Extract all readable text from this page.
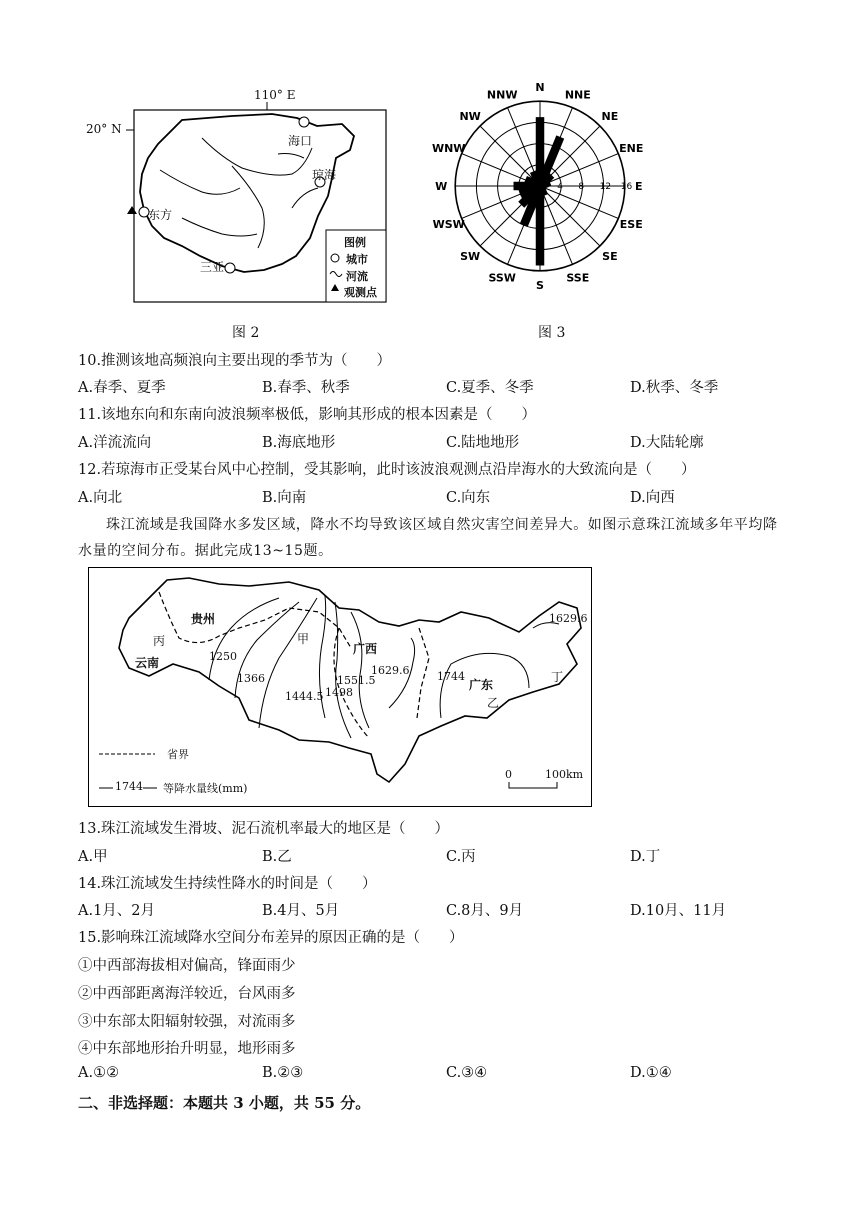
110° E
20° N
海口
琼海
东方
三亚
图例
城市
河流
观测点
图 2
4 8 12 16
N
NNE
NE
ENE
E
ESE
SE
SSE
S
SSW
SW
WSW
W
WNW
NW
NNW
图 3
10.推测该地高频浪向主要出现的季节为（　　）
A.春季、夏季	B.春季、秋季	C.夏季、冬季	D.秋季、冬季
11.该地东向和东南向波浪频率极低，影响其形成的根本因素是（　　）
A.洋流流向	B.海底地形	C.陆地地形	D.大陆轮廓
12.若琼海市正受某台风中心控制，受其影响，此时该波浪观测点沿岸海水的大致流向是（　　）
A.向北	B.向南	C.向东	D.向西
珠江流域是我国降水多发区域，降水不均导致该区域自然灾害空间差异大。如图示意珠江流域多年平均降水量的空间分布。据此完成13~15题。
贵州
云南
广西
广东
甲
乙
丙
丁
1250
1366
1444.5 1498
1551.5
1629.6	1744
1629.6
省界
1744 等降水量线(mm)
0	100km
13.珠江流域发生滑坡、泥石流机率最大的地区是（　　）
A.甲	B.乙	C.丙	D.丁
14.珠江流域发生持续性降水的时间是（　　）
A.1月、2月	B.4月、5月	C.8月、9月	D.10月、11月
15.影响珠江流域降水空间分布差异的原因正确的是（　　）
①中西部海拔相对偏高，锋面雨少
②中西部距离海洋较近，台风雨多
③中东部太阳辐射较强，对流雨多
④中东部地形抬升明显，地形雨多
A.①②	B.②③	C.③④	D.①④
二、非选择题：本题共 3 小题，共 55 分。
